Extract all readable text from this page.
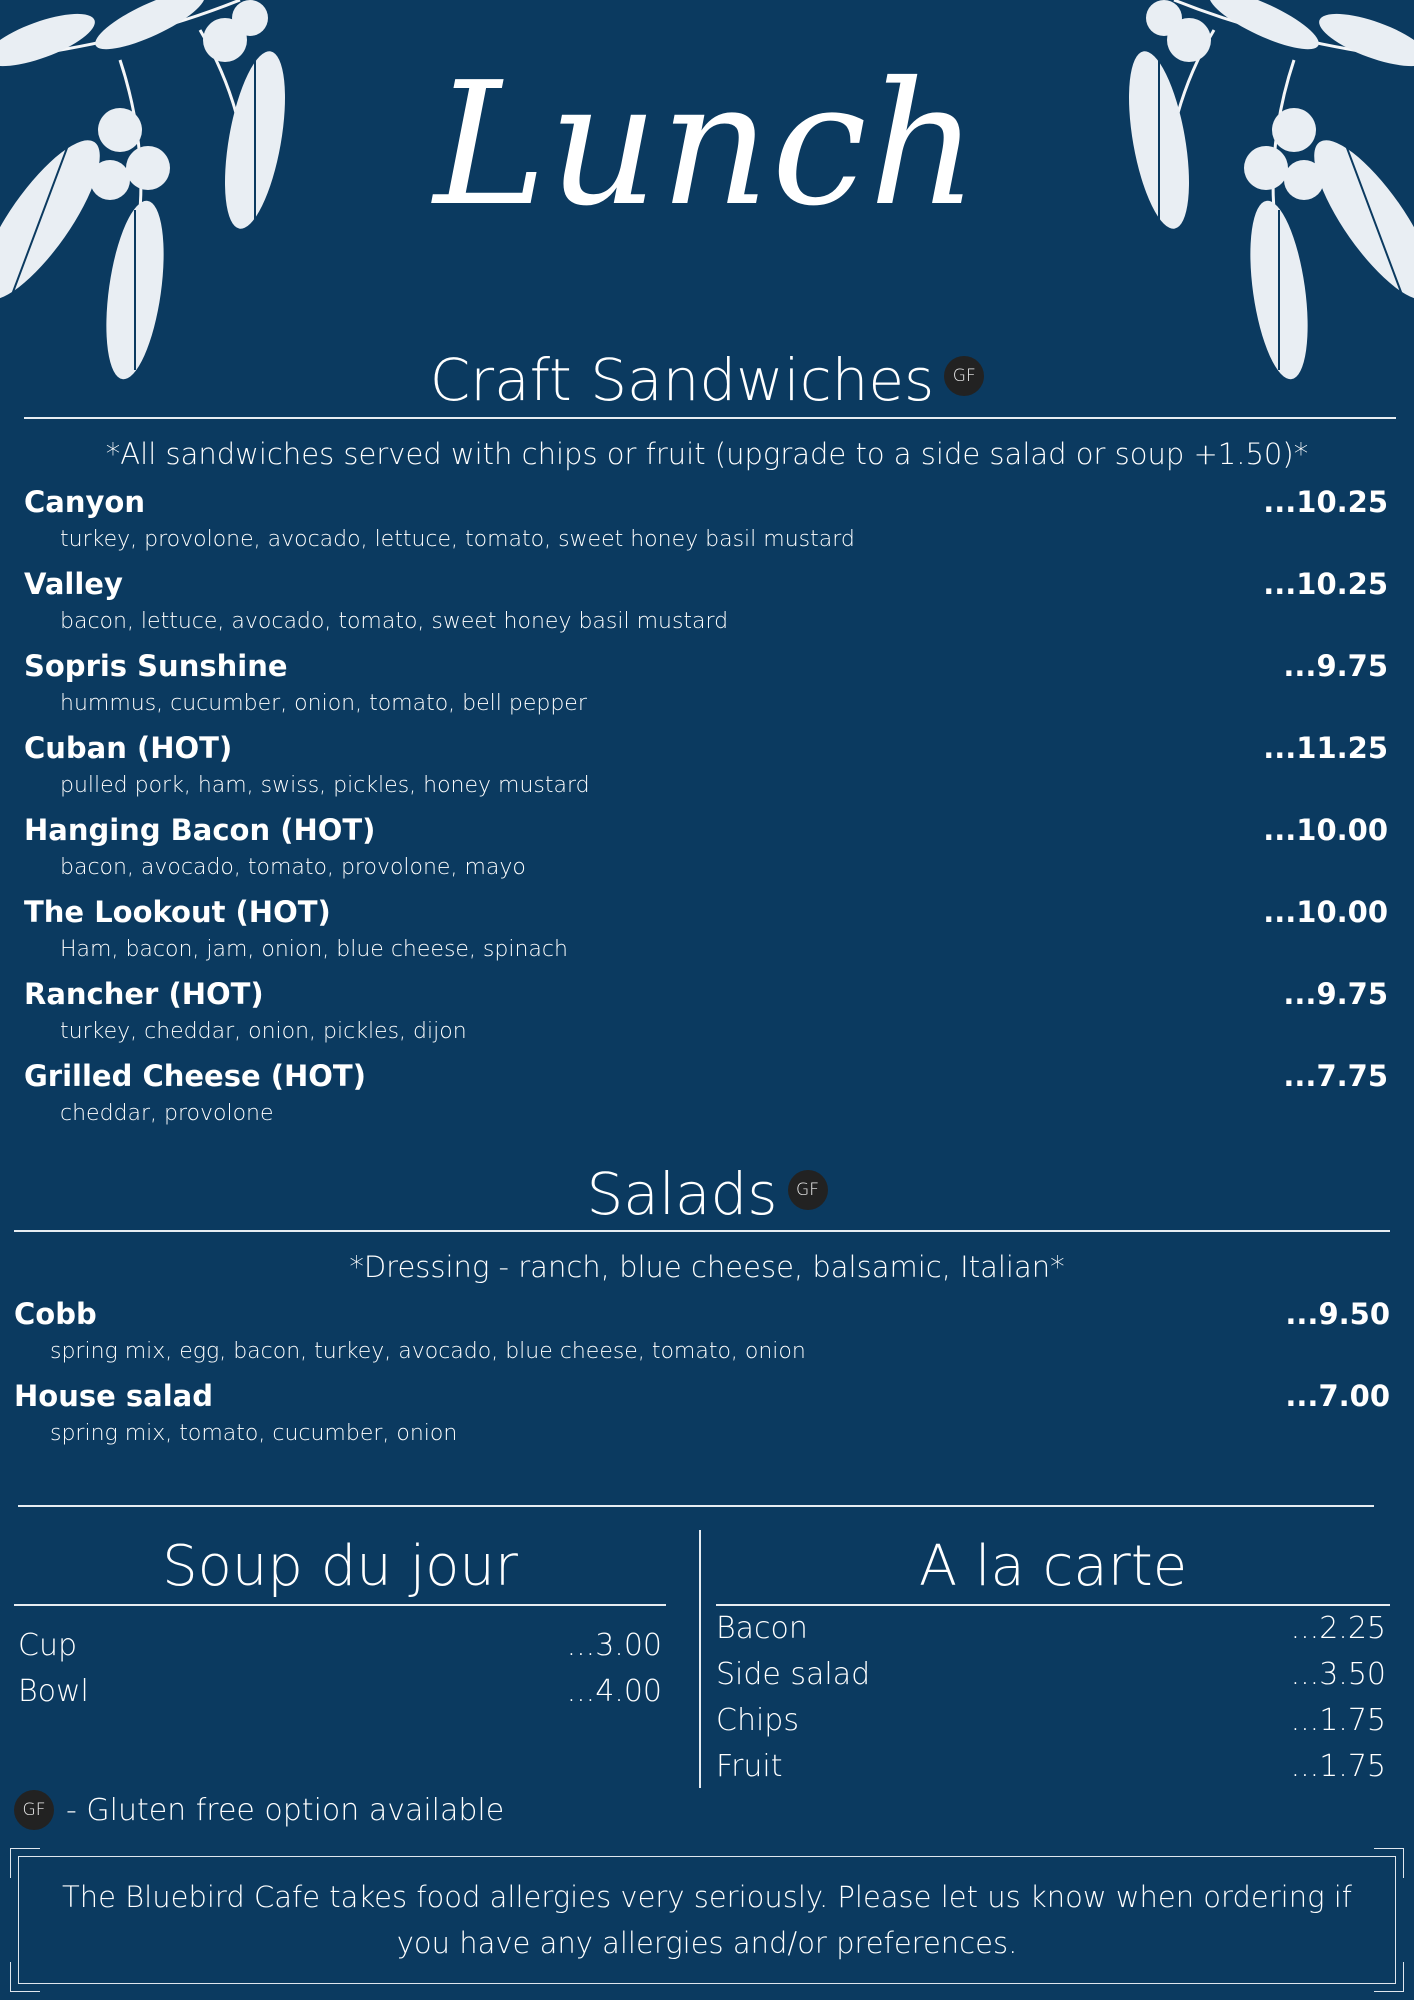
Lunch
Craft Sandwiches GF
*All sandwiches served with chips or fruit (upgrade to a side salad or soup +1.50)*
Canyon	...10.25
turkey, provolone, avocado, lettuce, tomato, sweet honey basil mustard
Valley	...10.25
bacon, lettuce, avocado, tomato, sweet honey basil mustard
Sopris Sunshine	...9.75
hummus, cucumber, onion, tomato, bell pepper
Cuban (HOT)	...11.25
pulled pork, ham, swiss, pickles, honey mustard
Hanging Bacon (HOT)	...10.00
bacon, avocado, tomato, provolone, mayo
The Lookout (HOT)	...10.00
Ham, bacon, jam, onion, blue cheese, spinach
Rancher (HOT)	...9.75
turkey, cheddar, onion, pickles, dijon
Grilled Cheese (HOT)	...7.75
cheddar, provolone
Salads GF
*Dressing - ranch, blue cheese, balsamic, Italian*
Cobb	...9.50
spring mix, egg, bacon, turkey, avocado, blue cheese, tomato, onion
House salad	...7.00
spring mix, tomato, cucumber, onion
Soup du jour
Cup	...3.00
Bowl	...4.00
A la carte
Bacon	...2.25
Side salad	...3.50
Chips	...1.75
Fruit	...1.75
GF - Gluten free option available
The Bluebird Cafe takes food allergies very seriously. Please let us know when ordering if you have any allergies and/or preferences.
